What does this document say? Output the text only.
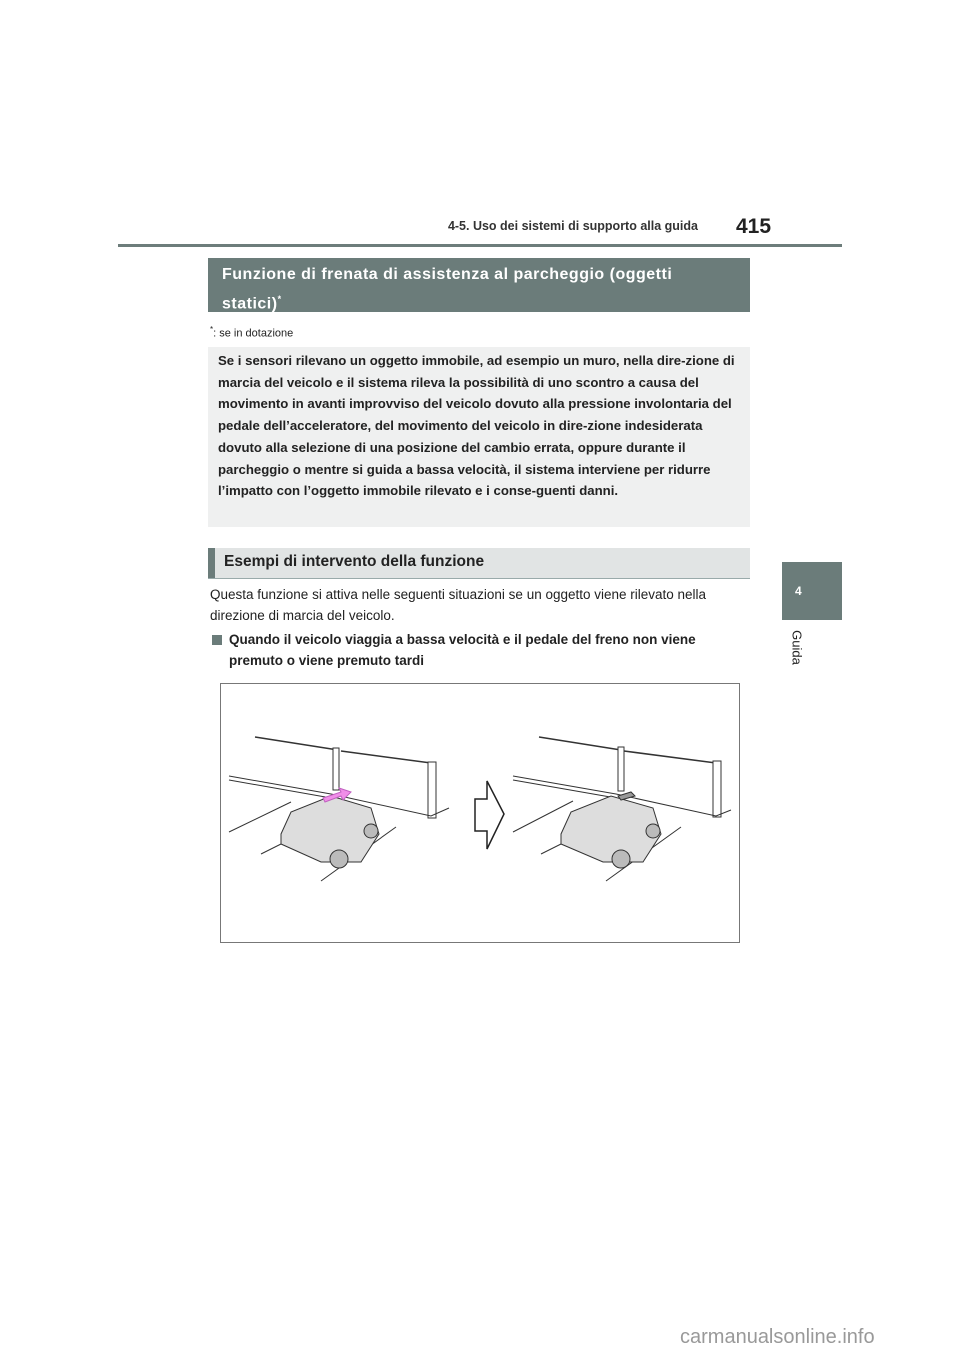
4-5. Uso dei sistemi di supporto alla guida 415
Funzione di frenata di assistenza al parcheggio (oggetti statici)*
*: se in dotazione
Se i sensori rilevano un oggetto immobile, ad esempio un muro, nella dire-zione di marcia del veicolo e il sistema rileva la possibilità di uno scontro a causa del movimento in avanti improvviso del veicolo dovuto alla pressione involontaria del pedale dell’acceleratore, del movimento del veicolo in dire-zione indesiderata dovuto alla selezione di una posizione del cambio errata, oppure durante il parcheggio o mentre si guida a bassa velocità, il sistema interviene per ridurre l’impatto con l’oggetto immobile rilevato e i conse-guenti danni.
Esempi di intervento della funzione
Questa funzione si attiva nelle seguenti situazioni se un oggetto viene rilevato nella direzione di marcia del veicolo.
Quando il veicolo viaggia a bassa velocità e il pedale del freno non viene premuto o viene premuto tardi
4
Guida
carmanualsonline.info
